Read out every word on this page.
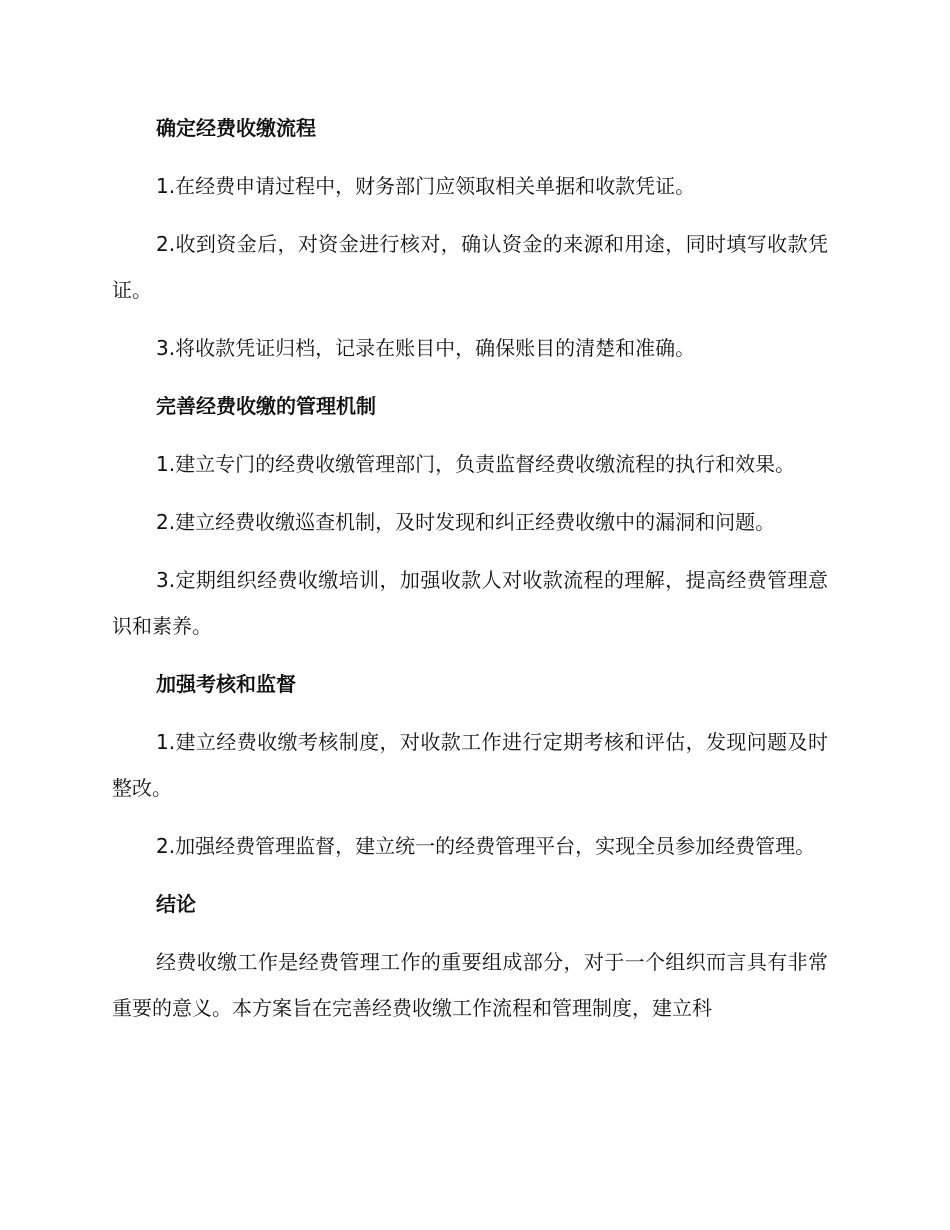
确定经费收缴流程

1.在经费申请过程中，财务部门应领取相关单据和收款凭证。

2.收到资金后，对资金进行核对，确认资金的来源和用途，同时填写收款凭证。

3.将收款凭证归档，记录在账目中，确保账目的清楚和准确。

完善经费收缴的管理机制

1.建立专门的经费收缴管理部门，负责监督经费收缴流程的执行和效果。

2.建立经费收缴巡查机制，及时发现和纠正经费收缴中的漏洞和问题。

3.定期组织经费收缴培训，加强收款人对收款流程的理解，提高经费管理意识和素养。

加强考核和监督

1.建立经费收缴考核制度，对收款工作进行定期考核和评估，发现问题及时整改。

2.加强经费管理监督，建立统一的经费管理平台，实现全员参加经费管理。

结论

经费收缴工作是经费管理工作的重要组成部分，对于一个组织而言具有非常重要的意义。本方案旨在完善经费收缴工作流程和管理制度，建立科
